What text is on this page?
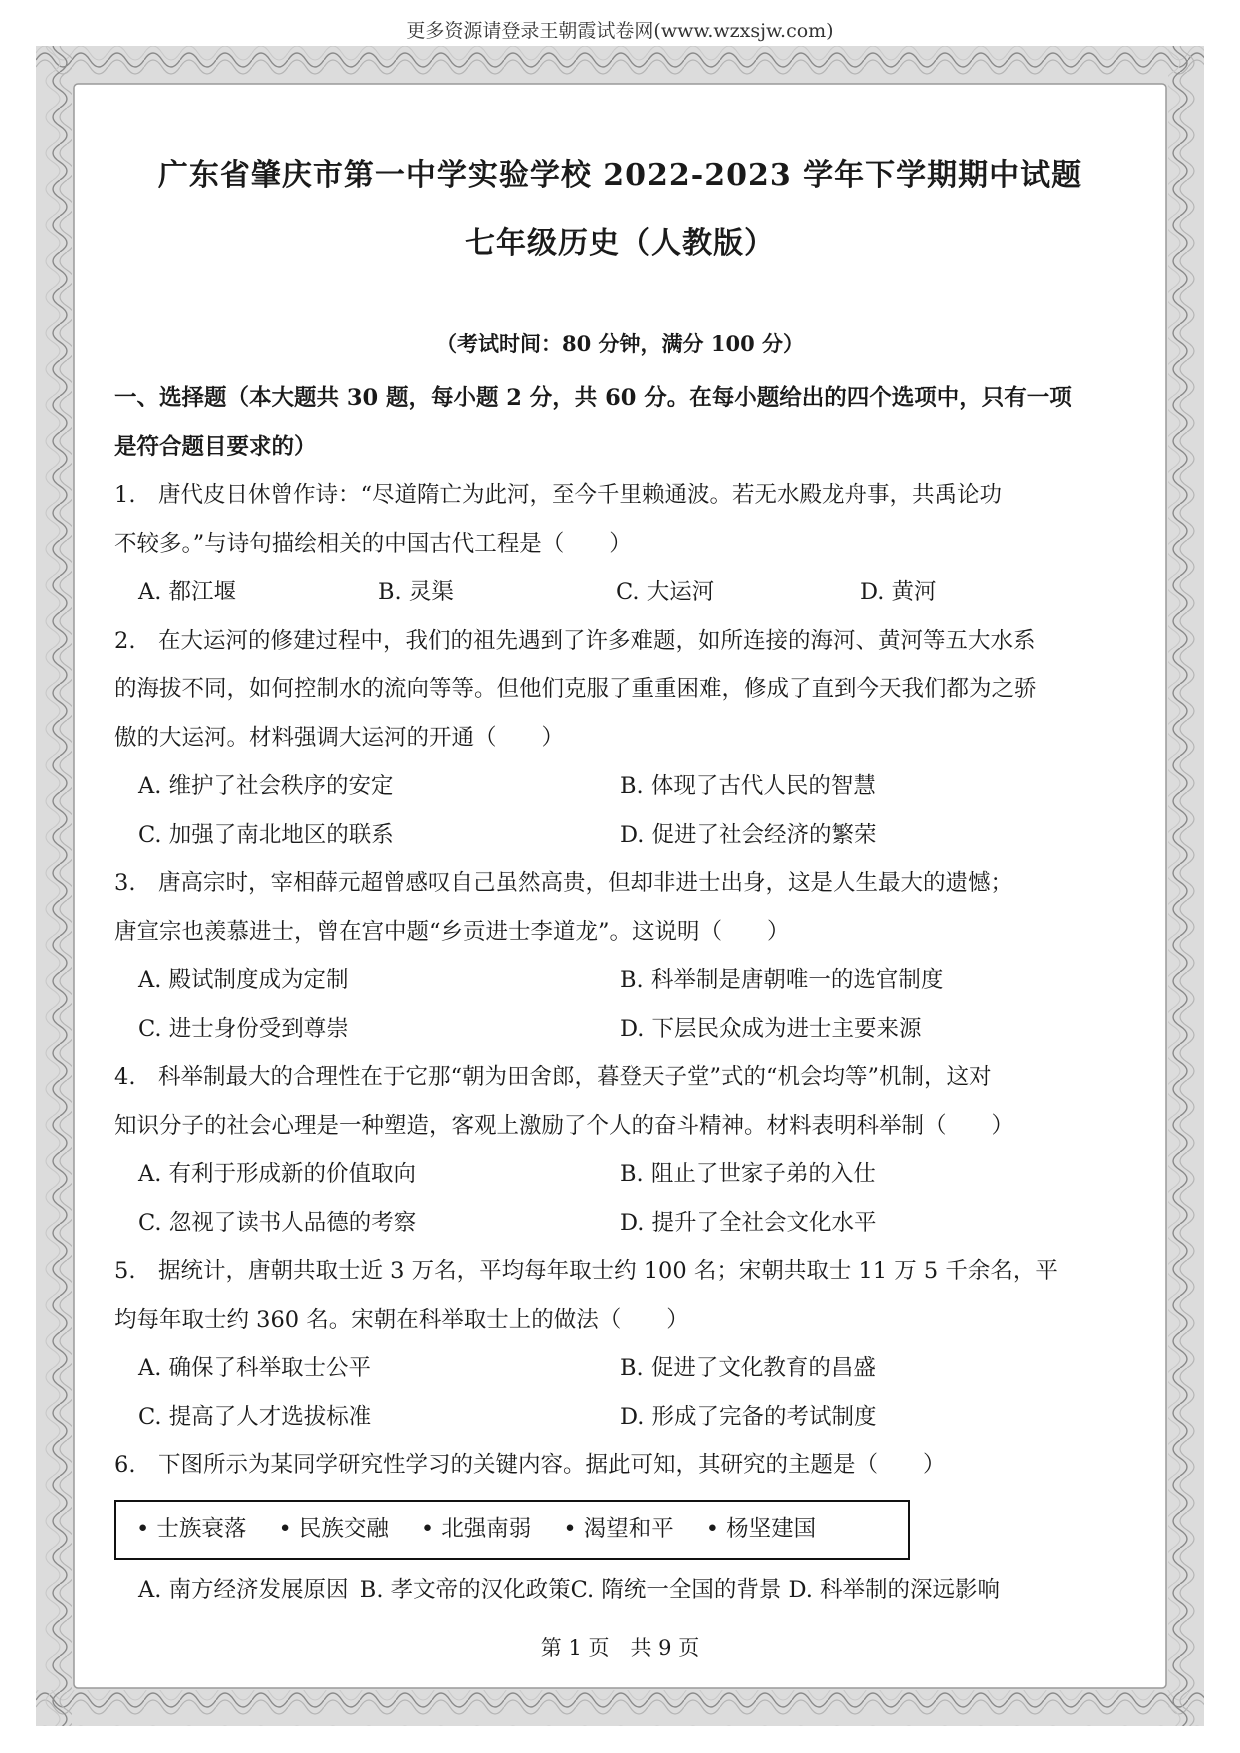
更多资源请登录王朝霞试卷网(www.wzxsjw.com)
广东省肇庆市第一中学实验学校 2022-2023 学年下学期期中试题
七年级历史（人教版）
（考试时间：80 分钟，满分 100 分）
一、选择题（本大题共 30 题，每小题 2 分，共 60 分。在每小题给出的四个选项中，只有一项
是符合题目要求的）
1.　唐代皮日休曾作诗：“尽道隋亡为此河，至今千里赖通波。若无水殿龙舟事，共禹论功
不较多。”与诗句描绘相关的中国古代工程是（　　）
A. 都江堰	B. 灵渠	C. 大运河	D. 黄河
2.　在大运河的修建过程中，我们的祖先遇到了许多难题，如所连接的海河、黄河等五大水系
的海拔不同，如何控制水的流向等等。但他们克服了重重困难，修成了直到今天我们都为之骄
傲的大运河。材料强调大运河的开通（　　）
A. 维护了社会秩序的安定	B. 体现了古代人民的智慧
C. 加强了南北地区的联系	D. 促进了社会经济的繁荣
3.　唐高宗时，宰相薛元超曾感叹自己虽然高贵，但却非进士出身，这是人生最大的遗憾；
唐宣宗也羡慕进士，曾在宫中题“乡贡进士李道龙”。这说明（　　）
A. 殿试制度成为定制	B. 科举制是唐朝唯一的选官制度
C. 进士身份受到尊崇	D. 下层民众成为进士主要来源
4.　科举制最大的合理性在于它那“朝为田舍郎，暮登天子堂”式的“机会均等”机制，这对
知识分子的社会心理是一种塑造，客观上激励了个人的奋斗精神。材料表明科举制（　　）
A. 有利于形成新的价值取向	B. 阻止了世家子弟的入仕
C. 忽视了读书人品德的考察	D. 提升了全社会文化水平
5.　据统计，唐朝共取士近 3 万名，平均每年取士约 100 名；宋朝共取士 11 万 5 千余名，平
均每年取士约 360 名。宋朝在科举取士上的做法（　　）
A. 确保了科举取士公平	B. 促进了文化教育的昌盛
C. 提高了人才选拔标准	D. 形成了完备的考试制度
6.　下图所示为某同学研究性学习的关键内容。据此可知，其研究的主题是（　　）
• 士族衰落 • 民族交融 • 北强南弱 • 渴望和平 • 杨坚建国
A. 南方经济发展原因 B. 孝文帝的汉化政策C. 隋统一全国的背景 D. 科举制的深远影响
第 1 页　共 9 页
